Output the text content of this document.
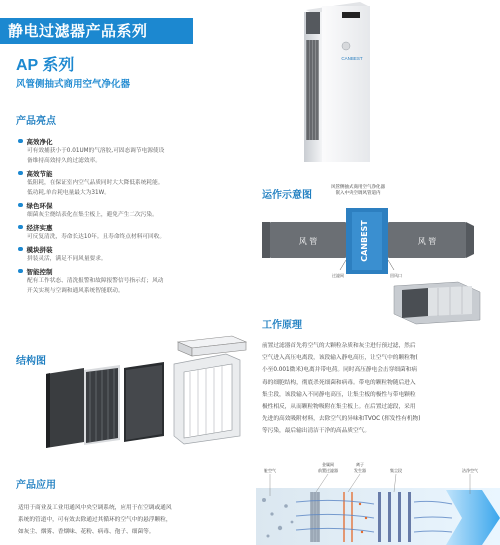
静电过滤器产品系列
AP 系列
风管侧抽式商用空气净化器
CANBEST
产品亮点
高效净化
可有效捕获小于0.01UM的气溶胶,可固态调节电源使设
备维持高效持久的过滤效率。
高效节能
低阻耗，在保证室内空气品质同时大大降低系统耗能。
低功耗,单台耗电量最大为31W。
绿色环保
细菌灰尘烧结表化在集尘板上，避免产生二次污染。
经济实惠
可反复清洗，寿命长达10年。且寿命终点材料可回收。
模块拼装
拼装灵活，满足不同风量要求。
智能控制
配有工作状态、清洗报警和故障报警信号指示灯；风动
开关实现与空调和通风系统智能联动。
结构图
产品应用
适用于商业及工业用通风中央空调系统，应用于在空调或通风
系统的管道中，可有效去除通过其循环的空气中的悬浮颗粒，
如灰尘、烟雾、香烟味、花粉、病毒、孢子、细菌等。
运作示意图
风管侧抽式商用空气净化器
嵌入中央空调风管道内
风 管	风 管
CANBEST
过滤网	回风口
工作原理
前置过滤器首先将空气的大颗粒杂质和灰尘进行预过滤，然后
空气进入高压电离段，该段输入静电高压，让空气中的颗粒物(
小至0.001微米)电离并带电荷。同时高压静电会击穿细菌和病
毒的细胞结构，彻底杀死细菌和病毒。带电的颗粒物随后进入
集尘段，该段输入不同静电高压，让集尘板的极性与带电颗粒
极性相反，从而颗粒物吸附在集尘板上。在后置过滤段，采用
先进的高效吸附材料，去除空气的异味和TVOC (挥发性有机物)
等污染，最后输出清洁干净的高品质空气。
脏空气
金属网
前置过滤器
离子
发生器	集尘段	洁净空气
